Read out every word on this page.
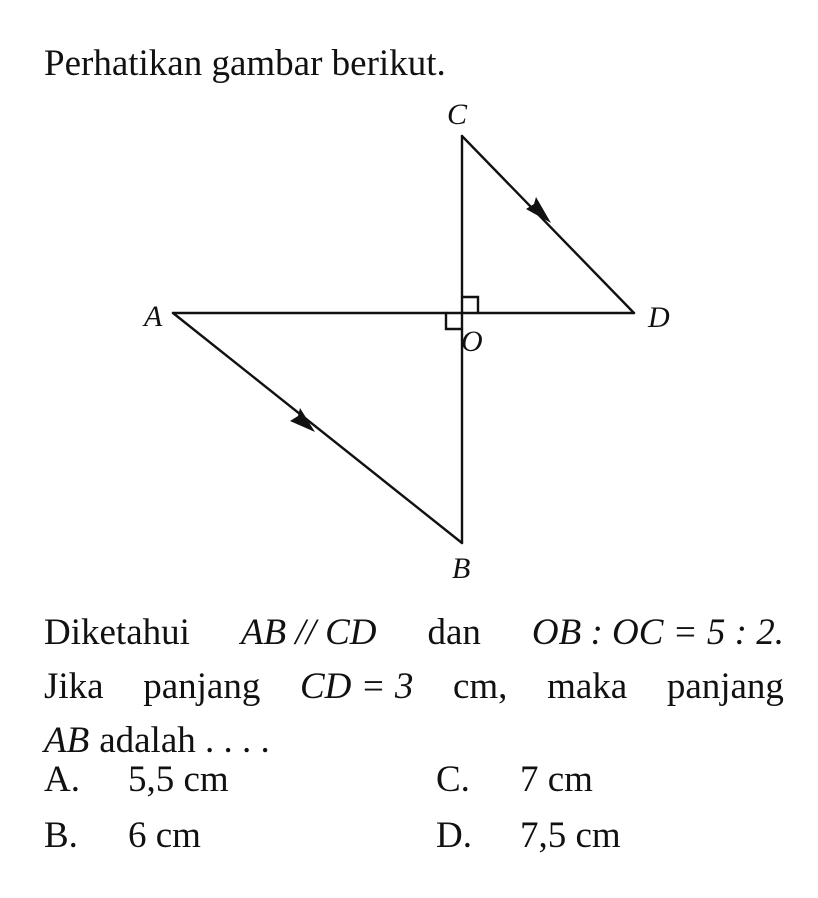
Perhatikan gambar berikut.
C
A	D
O
B
Diketahui AB // CD dan OB : OC = 5 : 2.
Jika panjang CD = 3 cm, maka panjang
AB adalah . . . .
A. 5,5 cm	C. 7 cm
B. 6 cm	D. 7,5 cm
